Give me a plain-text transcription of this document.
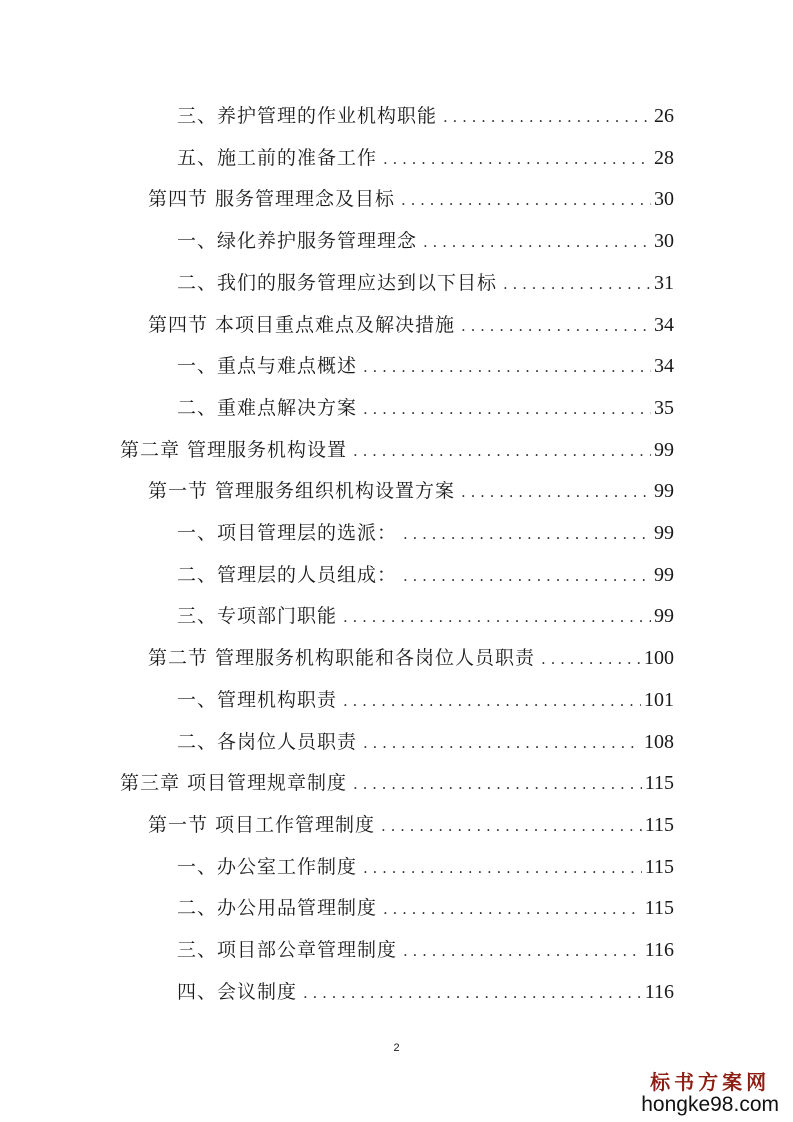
三、养护管理的作业机构职能 . . .	26
五、施工前的准备工作 . . .	28
第四节 服务管理理念及目标 . . .	30
一、绿化养护服务管理理念 . . .	30
二、我们的服务管理应达到以下目标 . . .	31
第四节 本项目重点难点及解决措施 . . .	34
一、重点与难点概述 . . .	34
二、重难点解决方案 . . .	35
第二章 管理服务机构设置 . . .	99
第一节 管理服务组织机构设置方案 . . .	99
一、项目管理层的选派： . . .	99
二、管理层的人员组成： . . .	99
三、专项部门职能 . . .	99
第二节 管理服务机构职能和各岗位人员职责 . . .	100
一、管理机构职责 . . .	101
二、各岗位人员职责 . . .	108
第三章 项目管理规章制度 . . .	115
第一节 项目工作管理制度 . . .	115
一、办公室工作制度 . . .	115
二、办公用品管理制度 . . .	115
三、项目部公章管理制度 . . .	116
四、会议制度 . . .	116
2
标书方案网
hongke98.com
